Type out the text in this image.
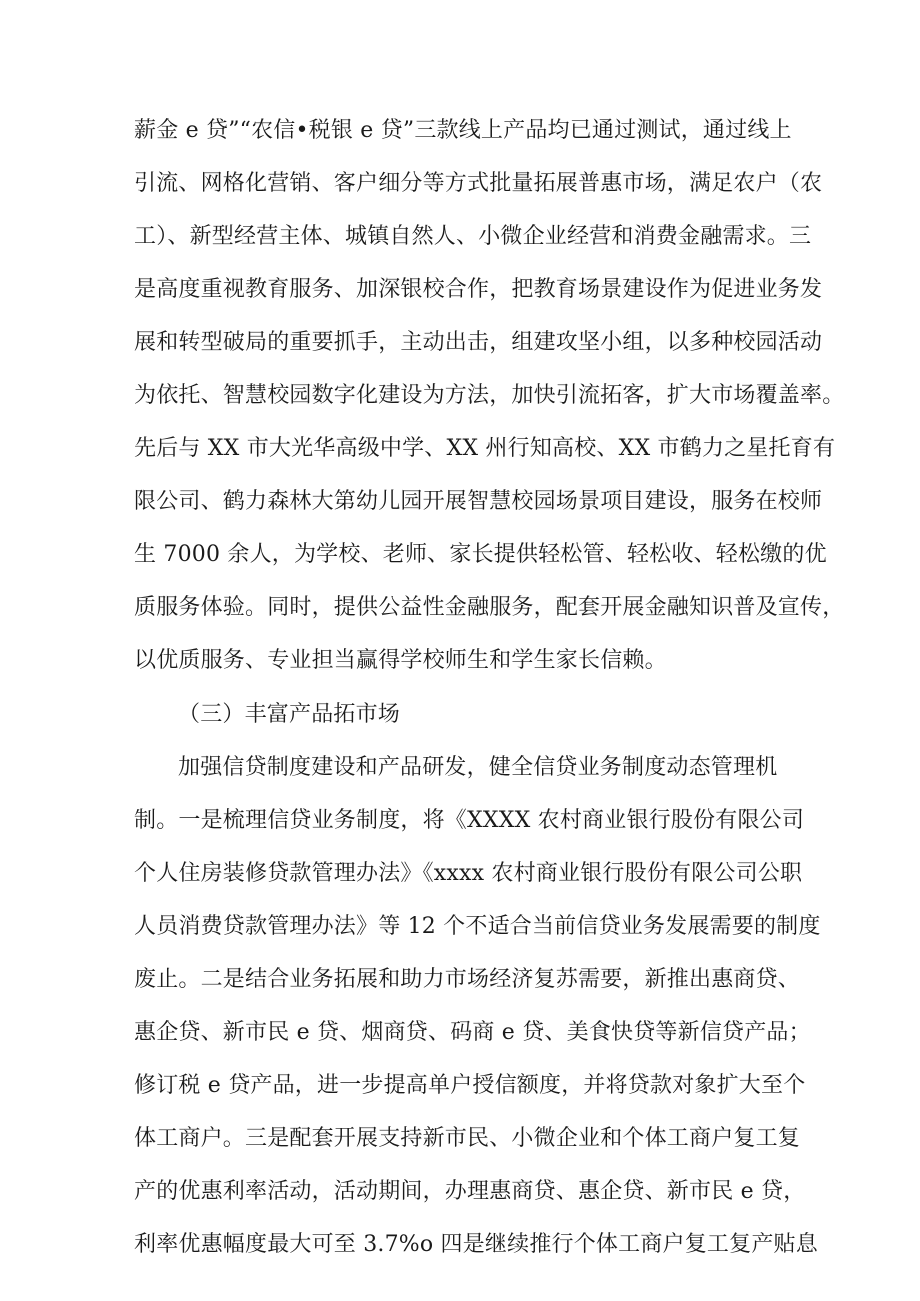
薪金 e 贷”“农信•税银 e 贷”三款线上产品均已通过测试，通过线上
引流、网格化营销、客户细分等方式批量拓展普惠市场，满足农户（农
工）、新型经营主体、城镇自然人、小微企业经营和消费金融需求。三
是高度重视教育服务、加深银校合作，把教育场景建设作为促进业务发
展和转型破局的重要抓手，主动出击，组建攻坚小组，以多种校园活动
为依托、智慧校园数字化建设为方法，加快引流拓客，扩大市场覆盖率。
先后与 XX 市大光华高级中学、XX 州行知高校、XX 市鹤力之星托育有
限公司、鹤力森林大第幼儿园开展智慧校园场景项目建设，服务在校师
生 7000 余人，为学校、老师、家长提供轻松管、轻松收、轻松缴的优
质服务体验。同时，提供公益性金融服务，配套开展金融知识普及宣传，
以优质服务、专业担当赢得学校师生和学生家长信赖。
（三）丰富产品拓市场
加强信贷制度建设和产品研发，健全信贷业务制度动态管理机
制。一是梳理信贷业务制度，将《XXXX 农村商业银行股份有限公司
个人住房装修贷款管理办法》《xxxx 农村商业银行股份有限公司公职
人员消费贷款管理办法》等 12 个不适合当前信贷业务发展需要的制度
废止。二是结合业务拓展和助力市场经济复苏需要，新推出惠商贷、
惠企贷、新市民 e 贷、烟商贷、码商 e 贷、美食快贷等新信贷产品；
修订税 e 贷产品，进一步提高单户授信额度，并将贷款对象扩大至个
体工商户。三是配套开展支持新市民、小微企业和个体工商户复工复
产的优惠利率活动，活动期间，办理惠商贷、惠企贷、新市民 e 贷，
利率优惠幅度最大可至 3.7%o 四是继续推行个体工商户复工复产贴息
